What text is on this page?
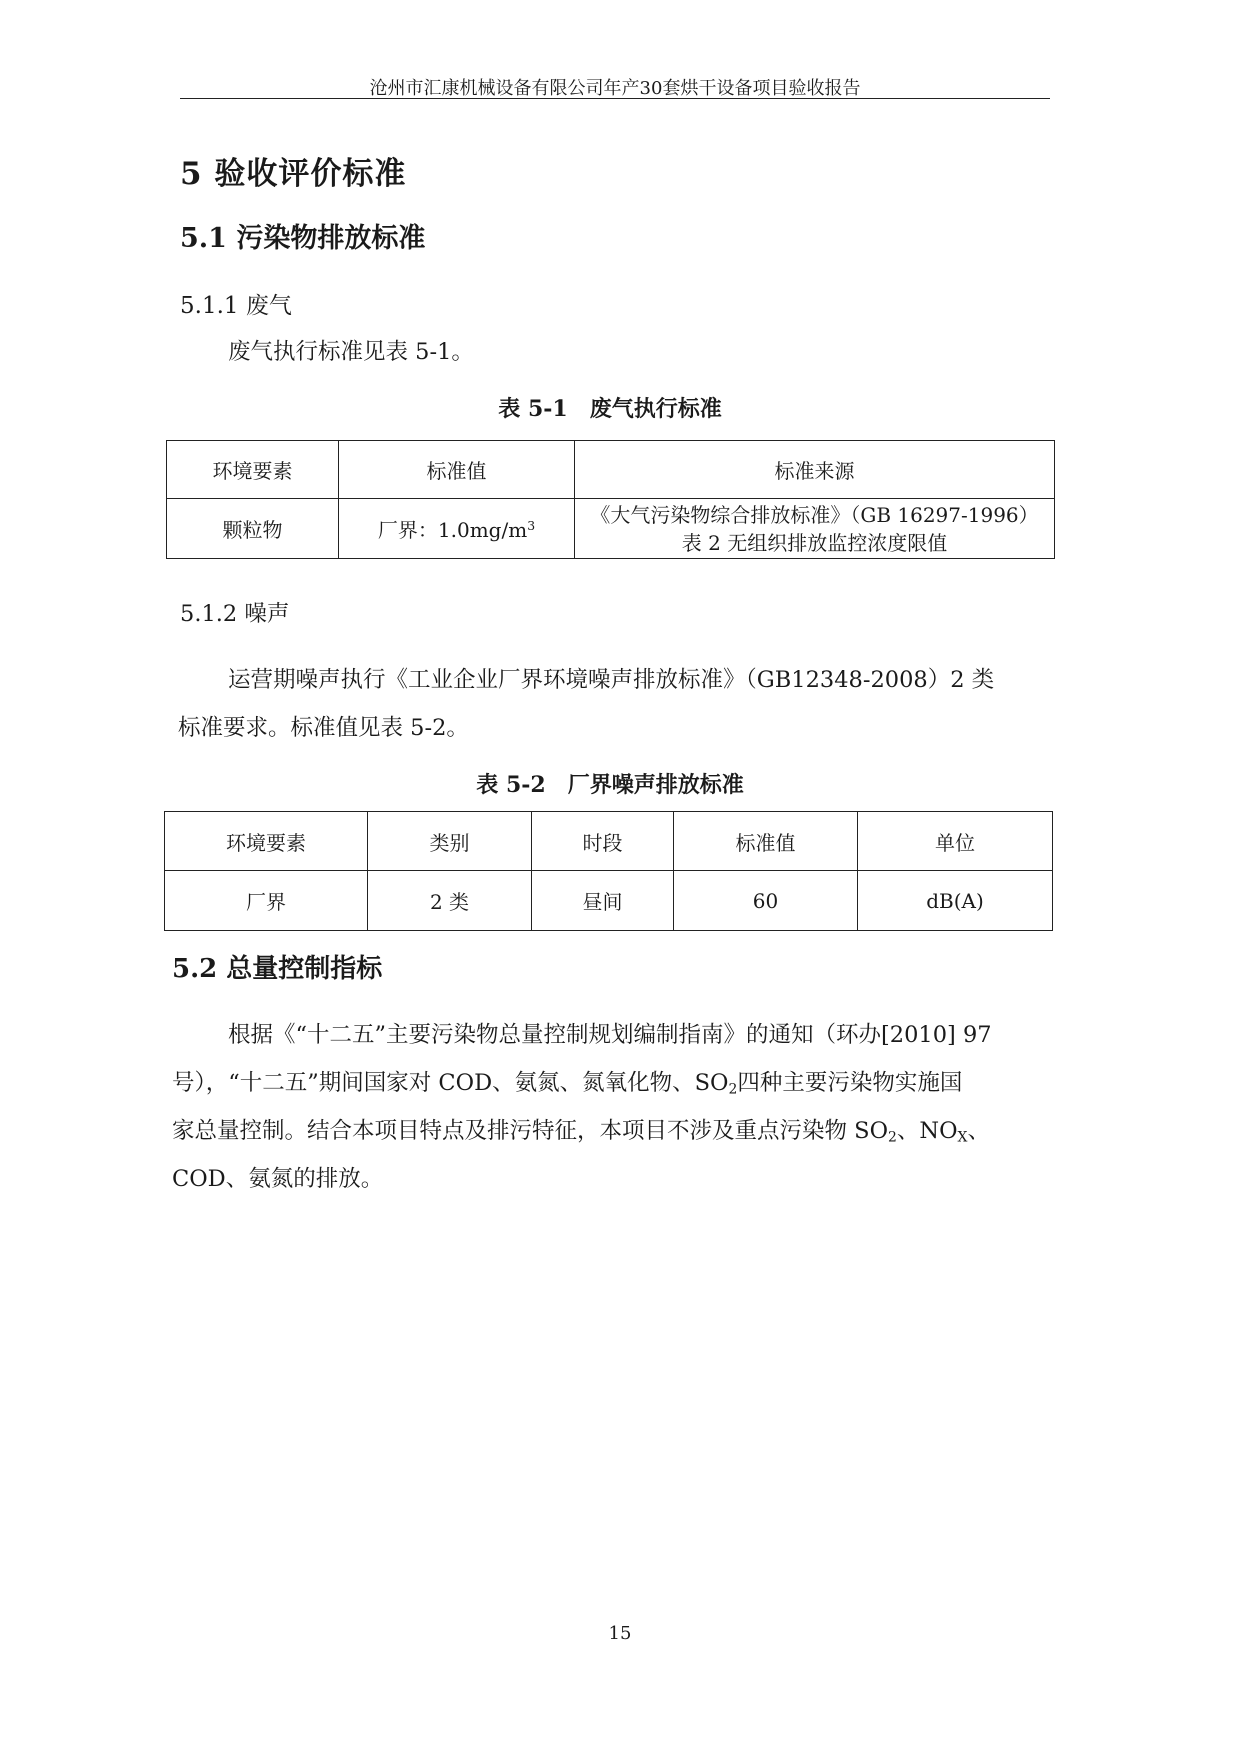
沧州市汇康机械设备有限公司年产30套烘干设备项目验收报告
5 验收评价标准
5.1 污染物排放标准
5.1.1 废气
废气执行标准见表 5-1。
表 5-1　废气执行标准
环境要素	标准值	标准来源
颗粒物	厂界：$1.0mg/m^3$	《大气污染物综合排放标准》（GB 16297-1996）
表 2 无组织排放监控浓度限值
5.1.2 噪声
运营期噪声执行《工业企业厂界环境噪声排放标准》（GB12348-2008）2 类
标准要求。标准值见表 5-2。
表 5-2　厂界噪声排放标准
环境要素	类别	时段	标准值	单位
厂界	2 类	昼间	60	dB(A)
5.2 总量控制指标
根据《“十二五”主要污染物总量控制规划编制指南》的通知（环办[2010] 97
号），“十二五”期间国家对 COD、氨氮、氮氧化物、$SO_2$四种主要污染物实施国
家总量控制。结合本项目特点及排污特征，本项目不涉及重点污染物 $SO_2$、$NO_X$、
COD、氨氮的排放。
15
